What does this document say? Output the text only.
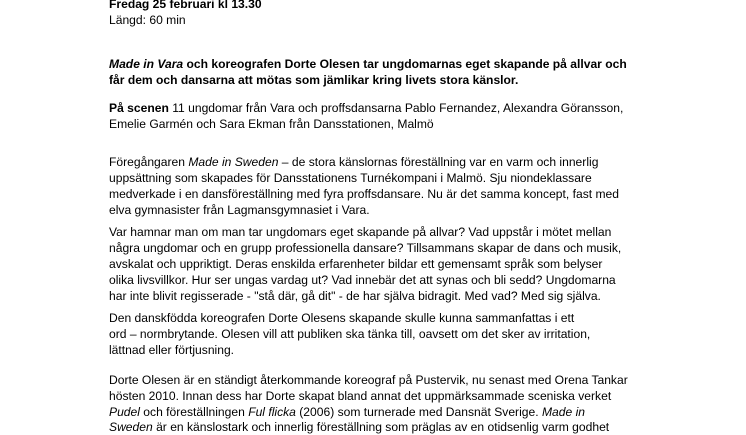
Fredag 25 februari kl 13.30
Längd: 60 min
Made in Vara och koreografen Dorte Olesen tar ungdomarnas eget skapande på allvar och
får dem och dansarna att mötas som jämlikar kring livets stora känslor.
På scenen 11 ungdomar från Vara och proffsdansarna Pablo Fernandez, Alexandra Göransson,
Emelie Garmén och Sara Ekman från Dansstationen, Malmö
Föregångaren Made in Sweden – de stora känslornas föreställning var en varm och innerlig
uppsättning som skapades för Dansstationens Turnékompani i Malmö. Sju niondeklassare
medverkade i en dansföreställning med fyra proffsdansare. Nu är det samma koncept, fast med
elva gymnasister från Lagmansgymnasiet i Vara.
Var hamnar man om man tar ungdomars eget skapande på allvar? Vad uppstår i mötet mellan
några ungdomar och en grupp professionella dansare? Tillsammans skapar de dans och musik,
avskalat och uppriktigt. Deras enskilda erfarenheter bildar ett gemensamt språk som belyser
olika livsvillkor. Hur ser ungas vardag ut? Vad innebär det att synas och bli sedd? Ungdomarna
har inte blivit regisserade - "stå där, gå dit" - de har själva bidragit. Med vad? Med sig själva.
Den danskfödda koreografen Dorte Olesens skapande skulle kunna sammanfattas i ett
ord – normbrytande. Olesen vill att publiken ska tänka till, oavsett om det sker av irritation,
lättnad eller förtjusning.
Dorte Olesen är en ständigt återkommande koreograf på Pustervik, nu senast med Orena Tankar
hösten 2010. Innan dess har Dorte skapat bland annat det uppmärksammade sceniska verket
Pudel och föreställningen Ful flicka (2006) som turnerade med Dansnät Sverige. Made in
Sweden är en känslostark och innerlig föreställning som präglas av en otidsenlig varm godhet
